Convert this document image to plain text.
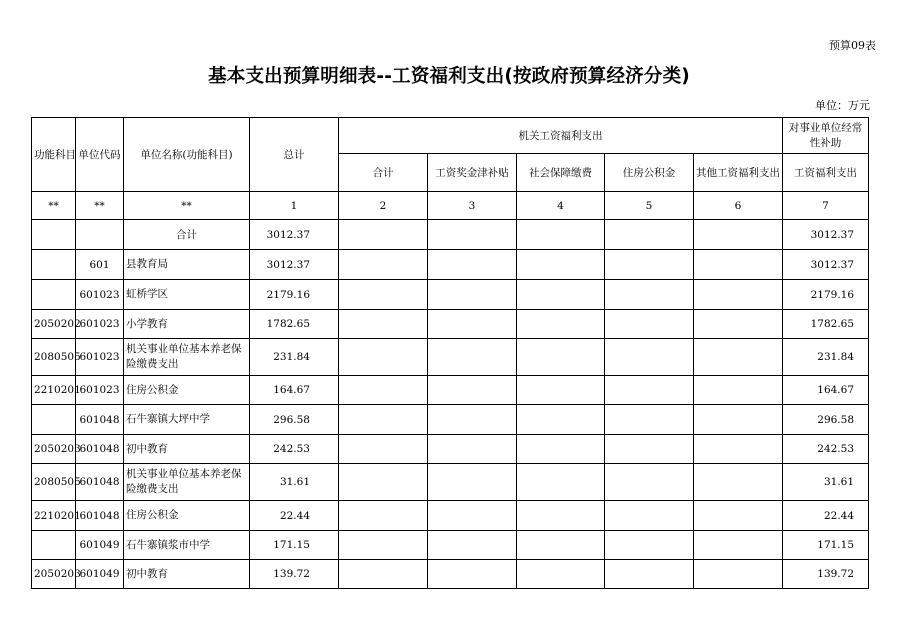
预算09表
基本支出预算明细表--工资福利支出(按政府预算经济分类)
单位：万元
功能科目	单位代码	单位名称(功能科目)	总计	机关工资福利支出					对事业单位经常性补助
				合计	工资奖金津补贴	社会保障缴费	住房公积金	其他工资福利支出	工资福利支出
**	**	**	1	2	3	4	5	6	7
		合计	3012.37						3012.37
	601	县教育局	3012.37						3012.37
	601023	虹桥学区	2179.16						2179.16
2050202	601023	小学教育	1782.65						1782.65
2080505	601023	机关事业单位基本养老保险缴费支出	231.84						231.84
2210201	601023	住房公积金	164.67						164.67
	601048	石牛寨镇大坪中学	296.58						296.58
2050203	601048	初中教育	242.53						242.53
2080505	601048	机关事业单位基本养老保险缴费支出	31.61						31.61
2210201	601048	住房公积金	22.44						22.44
	601049	石牛寨镇浆市中学	171.15						171.15
2050203	601049	初中教育	139.72						139.72
